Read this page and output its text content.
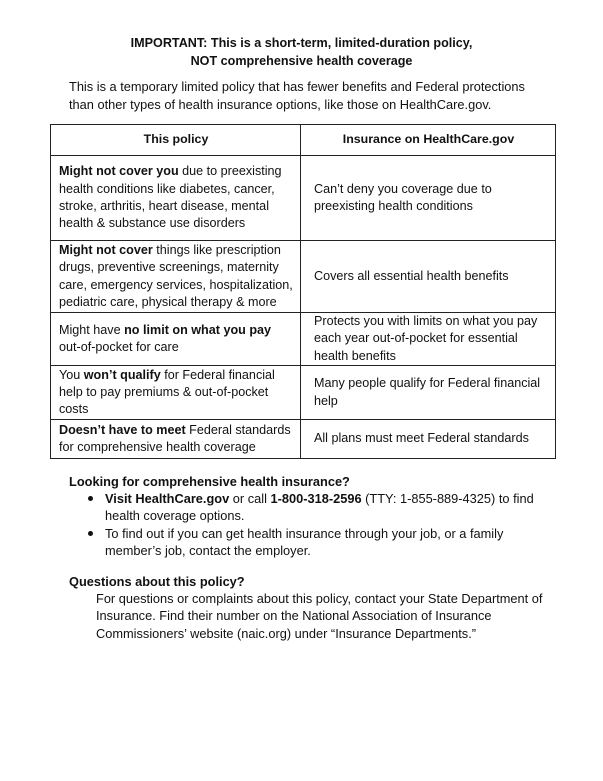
IMPORTANT: This is a short-term, limited-duration policy,
NOT comprehensive health coverage
This is a temporary limited policy that has fewer benefits and Federal protections than other types of health insurance options, like those on HealthCare.gov.
This policy	Insurance on HealthCare.gov
Might not cover you due to preexisting health conditions like diabetes, cancer, stroke, arthritis, heart disease, mental health & substance use disorders	Can’t deny you coverage due to preexisting health conditions
Might not cover things like prescription drugs, preventive screenings, maternity care, emergency services, hospitalization, pediatric care, physical therapy & more	Covers all essential health benefits
Might have no limit on what you pay out-of-pocket for care	Protects you with limits on what you pay each year out-of-pocket for essential health benefits
You won’t qualify for Federal financial help to pay premiums & out-of-pocket costs	Many people qualify for Federal financial help
Doesn’t have to meet Federal standards for comprehensive health coverage	All plans must meet Federal standards
Looking for comprehensive health insurance?
Visit HealthCare.gov or call 1-800-318-2596 (TTY: 1-855-889-4325) to find health coverage options.
To find out if you can get health insurance through your job, or a family member’s job, contact the employer.
Questions about this policy?
For questions or complaints about this policy, contact your State Department of Insurance. Find their number on the National Association of Insurance Commissioners’ website (naic.org) under “Insurance Departments.”
